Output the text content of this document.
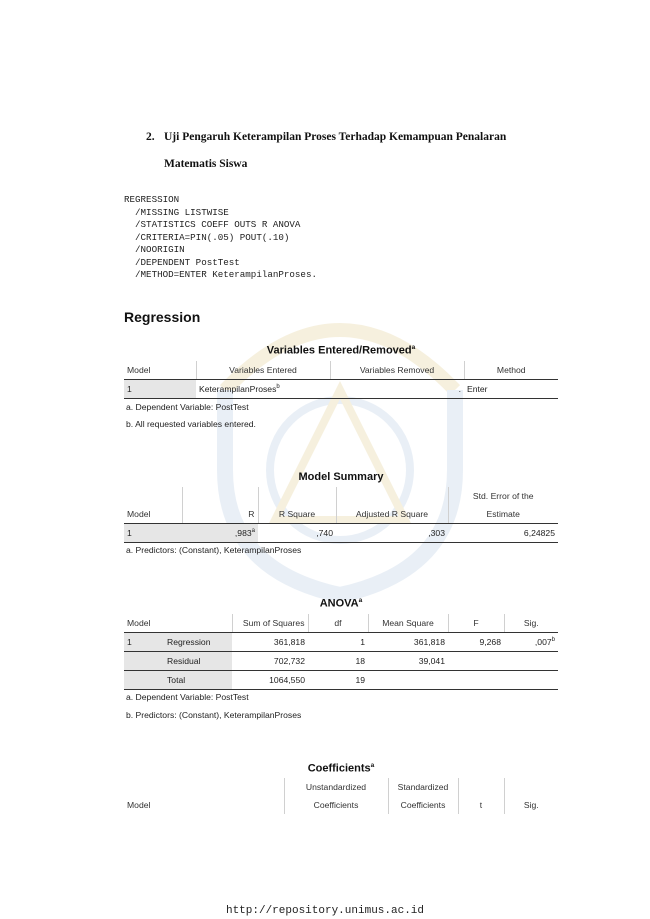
2. Uji Pengaruh Keterampilan Proses Terhadap Kemampuan Penalaran
Matematis Siswa
REGRESSION
/MISSING LISTWISE
/STATISTICS COEFF OUTS R ANOVA
/CRITERIA=PIN(.05) POUT(.10)
/NOORIGIN
/DEPENDENT PostTest
/METHOD=ENTER KeterampilanProses.
Regression
Variables Entered/Removed$^a$
Model	Variables Entered	Variables Removed	Method
1	KeterampilanProses$^b$	.	Enter
a. Dependent Variable: PostTest
b. All requested variables entered.
Model Summary
				Std. Error of the
Model	R	R Square	Adjusted R Square	Estimate
1	,983$^a$	,740	,303	6,24825
a. Predictors: (Constant), KeterampilanProses
ANOVA$^a$
Model		Sum of Squares	df	Mean Square	F	Sig.
1	Regression	361,818	1	361,818	9,268	,007$^b$
	Residual	702,732	18	39,041		
	Total	1064,550	19			
a. Dependent Variable: PostTest
b. Predictors: (Constant), KeterampilanProses
Coefficients$^a$
	Unstandardized	Standardized		
Model	Coefficients	Coefficients	t	Sig.
http://repository.unimus.ac.id
